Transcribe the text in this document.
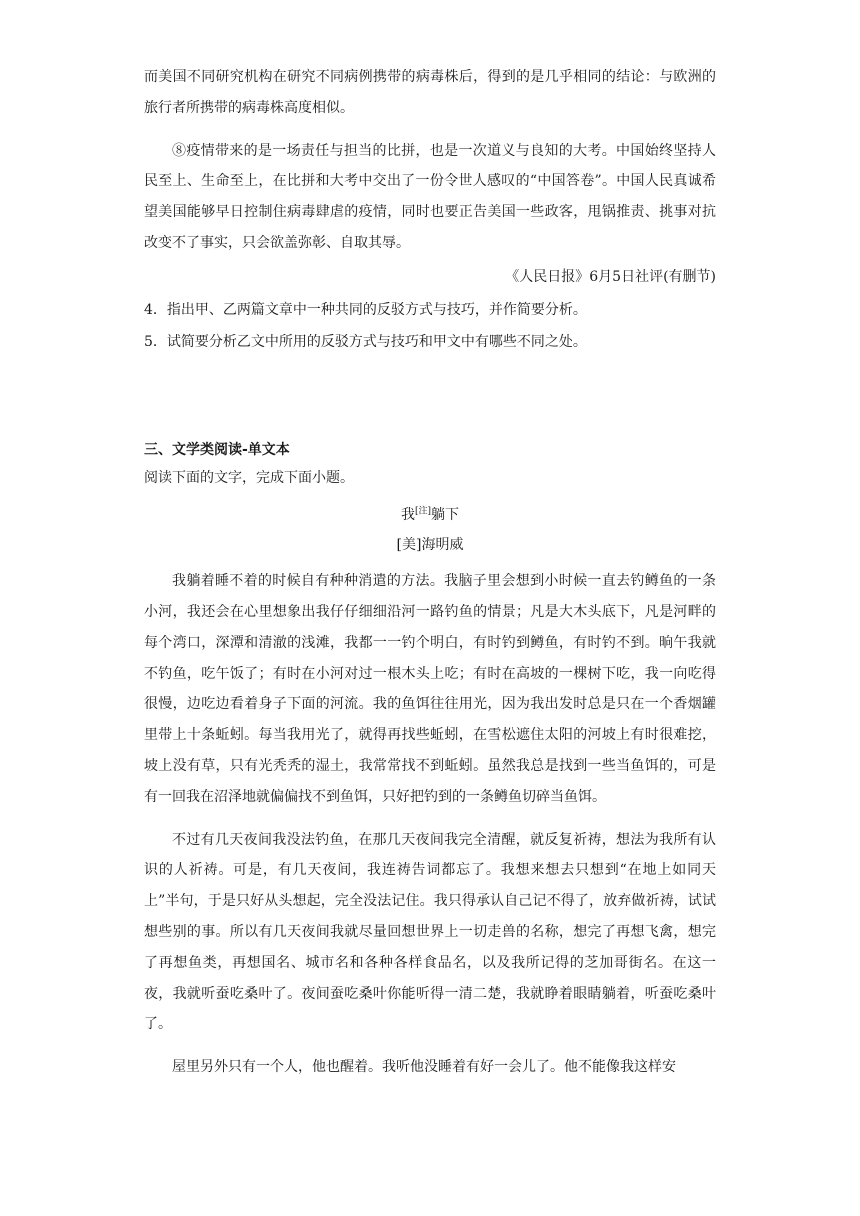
而美国不同研究机构在研究不同病例携带的病毒株后，得到的是几乎相同的结论：与欧洲的旅行者所携带的病毒株高度相似。

⑧疫情带来的是一场责任与担当的比拼，也是一次道义与良知的大考。中国始终坚持人民至上、生命至上，在比拼和大考中交出了一份令世人感叹的“中国答卷”。中国人民真诚希望美国能够早日控制住病毒肆虐的疫情，同时也要正告美国一些政客，甩锅推责、挑事对抗改变不了事实，只会欲盖弥彰、自取其辱。

《人民日报》6月5日社评(有删节)

4．指出甲、乙两篇文章中一种共同的反驳方式与技巧，并作简要分析。

5．试简要分析乙文中所用的反驳方式与技巧和甲文中有哪些不同之处。

三、文学类阅读-单文本

阅读下面的文字，完成下面小题。

我[注]躺下

[美]海明威

我躺着睡不着的时候自有种种消遣的方法。我脑子里会想到小时候一直去钓鳟鱼的一条小河，我还会在心里想象出我仔仔细细沿河一路钓鱼的情景；凡是大木头底下，凡是河畔的每个湾口，深潭和清澈的浅滩，我都一一钓个明白，有时钓到鳟鱼，有时钓不到。晌午我就不钓鱼，吃午饭了；有时在小河对过一根木头上吃；有时在高坡的一棵树下吃，我一向吃得很慢，边吃边看着身子下面的河流。我的鱼饵往往用光，因为我出发时总是只在一个香烟罐里带上十条蚯蚓。每当我用光了，就得再找些蚯蚓，在雪松遮住太阳的河坡上有时很难挖，坡上没有草，只有光秃秃的湿土，我常常找不到蚯蚓。虽然我总是找到一些当鱼饵的，可是有一回我在沼泽地就偏偏找不到鱼饵，只好把钓到的一条鳟鱼切碎当鱼饵。

不过有几天夜间我没法钓鱼，在那几天夜间我完全清醒，就反复祈祷，想法为我所有认识的人祈祷。可是，有几天夜间，我连祷告词都忘了。我想来想去只想到“在地上如同天上”半句，于是只好从头想起，完全没法记住。我只得承认自己记不得了，放弃做祈祷，试试想些别的事。所以有几天夜间我就尽量回想世界上一切走兽的名称，想完了再想飞禽，想完了再想鱼类，再想国名、城市名和各种各样食品名，以及我所记得的芝加哥街名。在这一夜，我就听蚕吃桑叶了。夜间蚕吃桑叶你能听得一清二楚，我就睁着眼睛躺着，听蚕吃桑叶了。

屋里另外只有一个人，他也醒着。我听他没睡着有好一会儿了。他不能像我这样安
